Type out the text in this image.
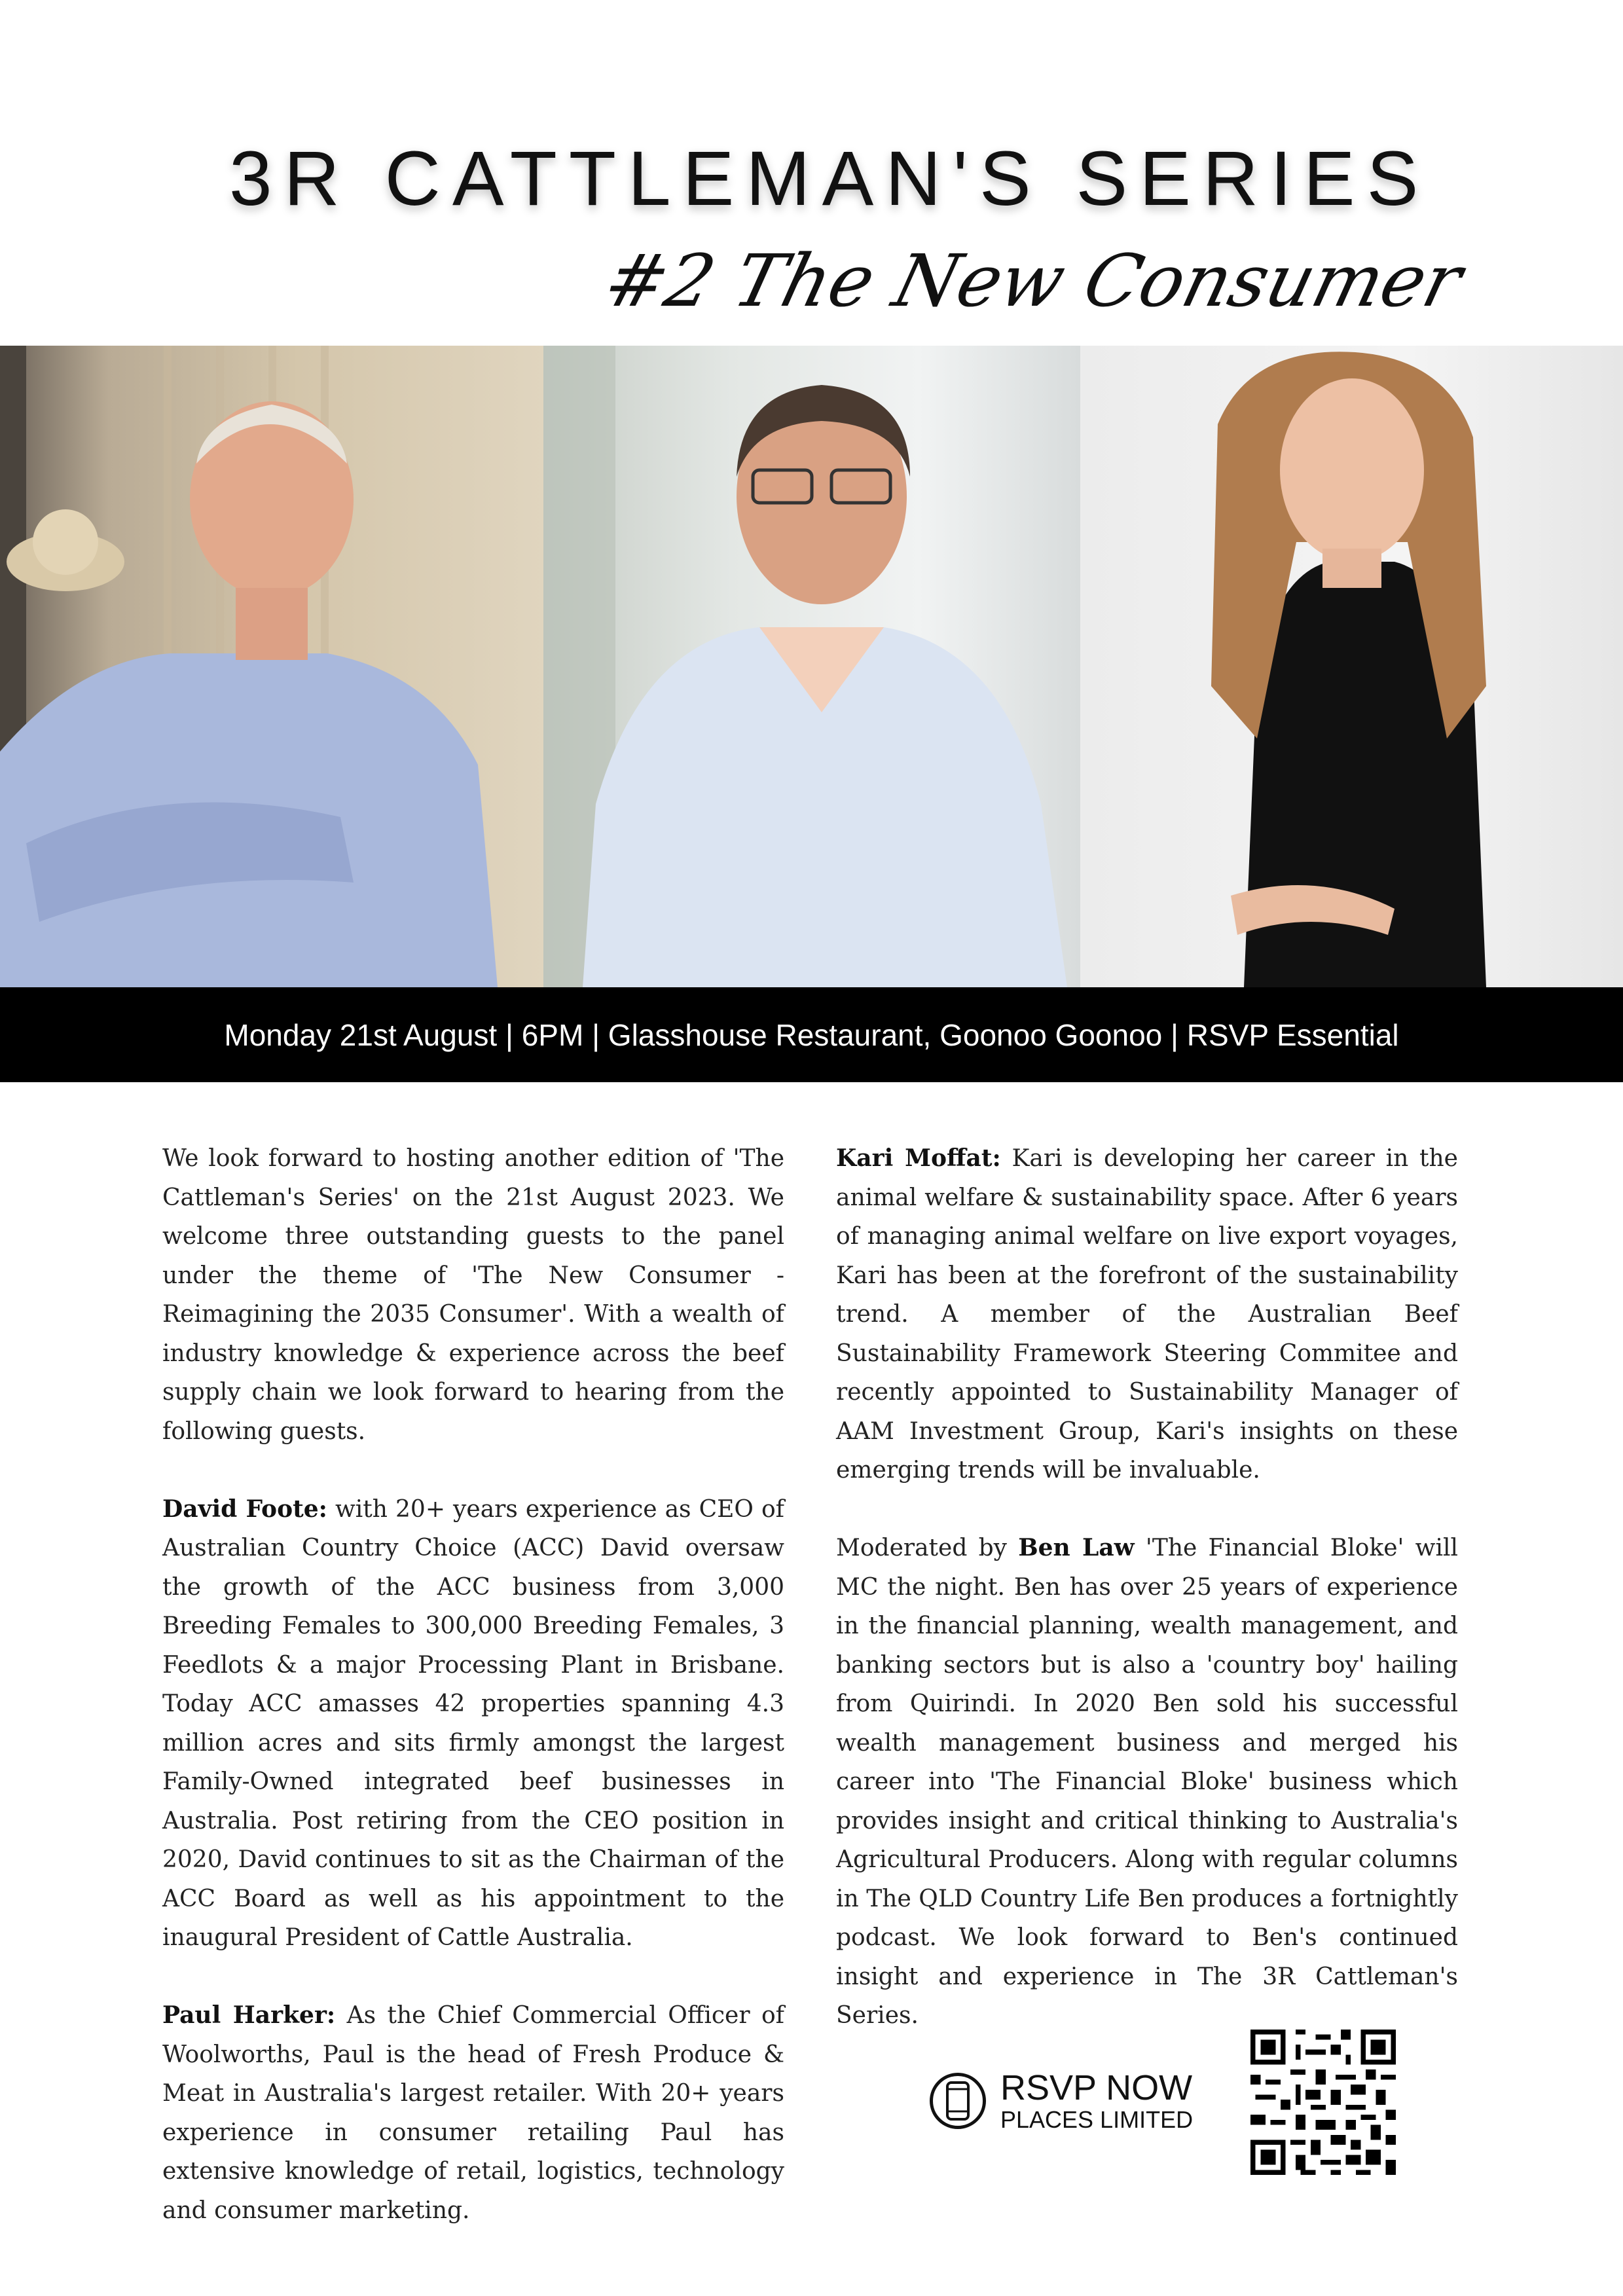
3R CATTLEMAN'S SERIES
#2 The New Consumer
Monday 21st August | 6PM | Glasshouse Restaurant, Goonoo Goonoo | RSVP Essential

We look forward to hosting another edition of 'The Cattleman's Series' on the 21st August 2023. We welcome three outstanding guests to the panel under the theme of 'The New Consumer - Reimagining the 2035 Consumer'. With a wealth of industry knowledge & experience across the beef supply chain we look forward to hearing from the following guests.

David Foote: with 20+ years experience as CEO of Australian Country Choice (ACC) David oversaw the growth of the ACC business from 3,000 Breeding Females to 300,000 Breeding Females, 3 Feedlots & a major Processing Plant in Brisbane. Today ACC amasses 42 properties spanning 4.3 million acres and sits firmly amongst the largest Family-Owned integrated beef businesses in Australia. Post retiring from the CEO position in 2020, David continues to sit as the Chairman of the ACC Board as well as his appointment to the inaugural President of Cattle Australia.

Paul Harker: As the Chief Commercial Officer of Woolworths, Paul is the head of Fresh Produce & Meat in Australia's largest retailer. With 20+ years experience in consumer retailing Paul has extensive knowledge of retail, logistics, technology and consumer marketing.

Kari Moffat: Kari is developing her career in the animal welfare & sustainability space. After 6 years of managing animal welfare on live export voyages, Kari has been at the forefront of the sustainability trend. A member of the Australian Beef Sustainability Framework Steering Commitee and recently appointed to Sustainability Manager of AAM Investment Group, Kari's insights on these emerging trends will be invaluable.

Moderated by Ben Law 'The Financial Bloke' will MC the night. Ben has over 25 years of experience in the financial planning, wealth management, and banking sectors but is also a 'country boy' hailing from Quirindi. In 2020 Ben sold his successful wealth management business and merged his career into 'The Financial Bloke' business which provides insight and critical thinking to Australia's Agricultural Producers. Along with regular columns in The QLD Country Life Ben produces a fortnightly podcast. We look forward to Ben's continued insight and experience in The 3R Cattleman's Series.

RSVP NOW
PLACES LIMITED
